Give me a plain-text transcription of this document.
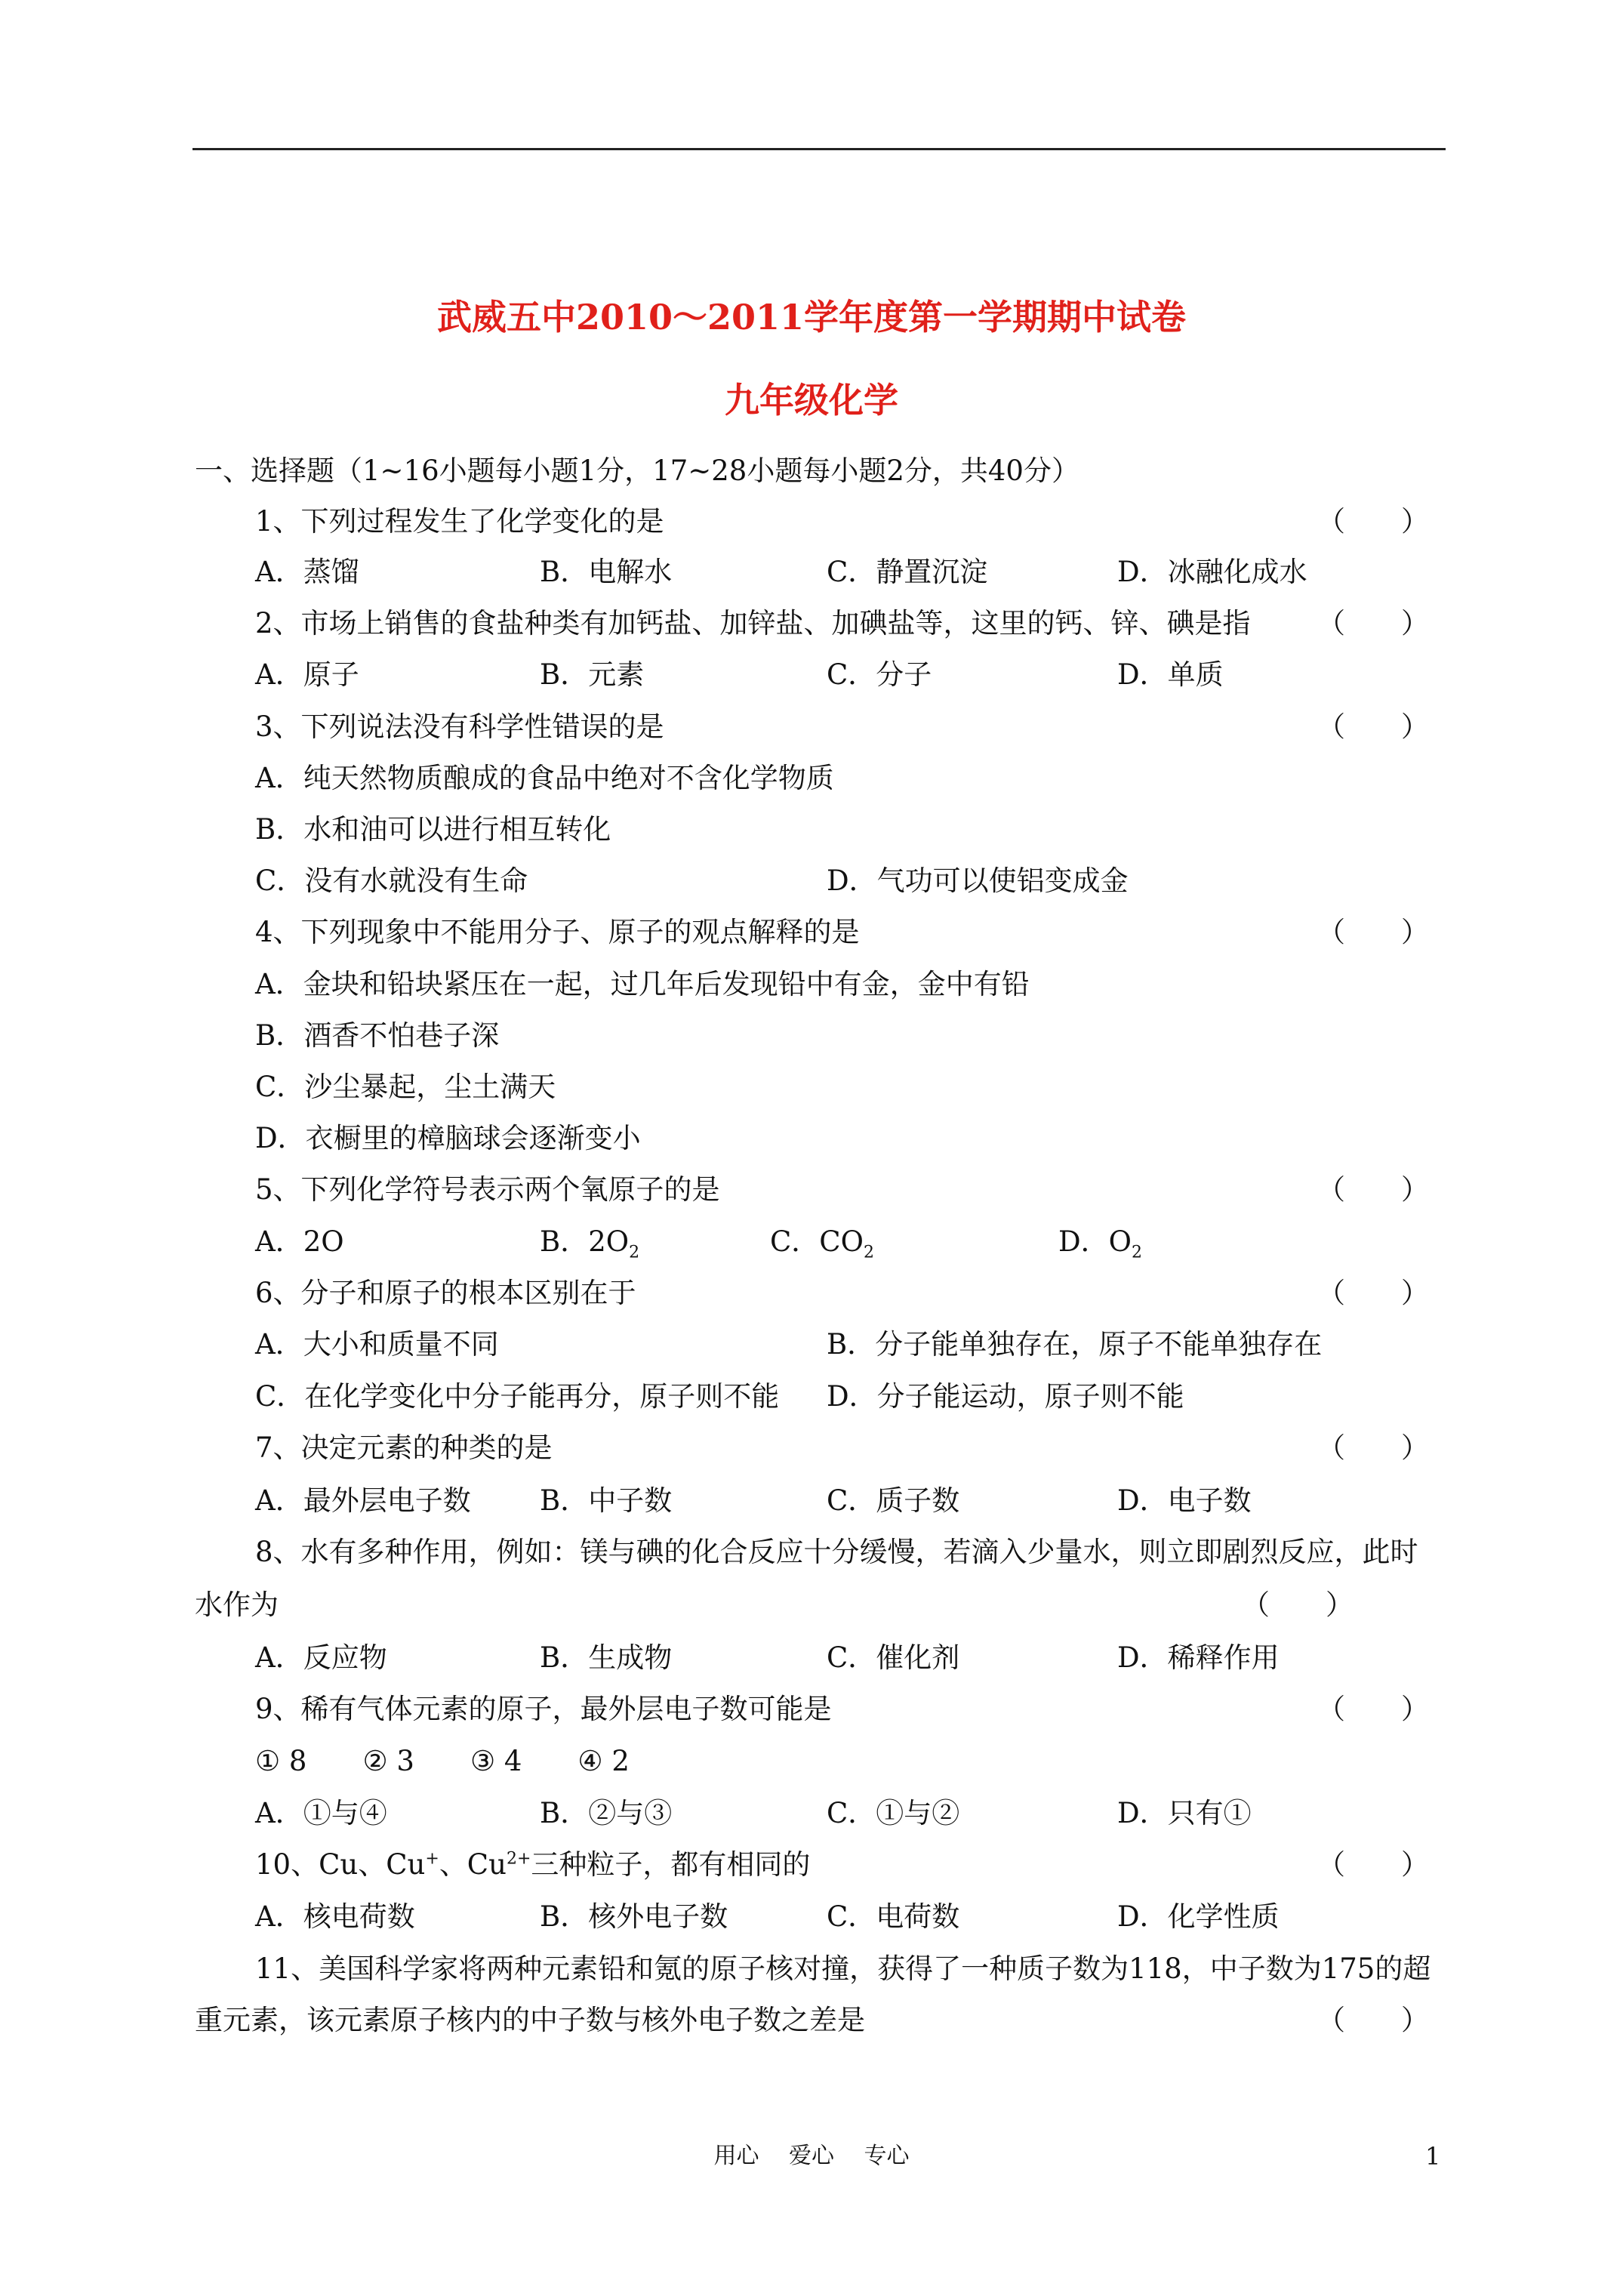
武威五中2010～2011学年度第一学期期中试卷
九年级化学
一、选择题（1~16小题每小题1分，17~28小题每小题2分，共40分）
1、下列过程发生了化学变化的是	（　　）
A．蒸馏	B．电解水	C．静置沉淀	D．冰融化成水
2、市场上销售的食盐种类有加钙盐、加锌盐、加碘盐等，这里的钙、锌、碘是指 （　　）
A．原子	B．元素	C．分子	D．单质
3、下列说法没有科学性错误的是	（　　）
A．纯天然物质酿成的食品中绝对不含化学物质
B．水和油可以进行相互转化
C．没有水就没有生命	D．气功可以使铝变成金
4、下列现象中不能用分子、原子的观点解释的是	（　　）
A．金块和铅块紧压在一起，过几年后发现铅中有金，金中有铅
B．酒香不怕巷子深
C．沙尘暴起，尘土满天
D．衣橱里的樟脑球会逐渐变小
5、下列化学符号表示两个氧原子的是	（　　）
A．2O	B．$2O_2$	C．$CO_2$	D．$O_2$
6、分子和原子的根本区别在于	（　　）
A．大小和质量不同	B．分子能单独存在，原子不能单独存在
C．在化学变化中分子能再分，原子则不能 D．分子能运动，原子则不能
7、决定元素的种类的是	（　　）
A．最外层电子数 B．中子数	C．质子数	D．电子数
8、水有多种作用，例如：镁与碘的化合反应十分缓慢，若滴入少量水，则立即剧烈反应，此时
水作为	（　　）
A．反应物	B．生成物	C．催化剂	D．稀释作用
9、稀有气体元素的原子，最外层电子数可能是	（　　）
① 8　　② 3　　③ 4　　④ 2
A．①与④	B．②与③	C．①与②	D．只有①
10、Cu、Cu+、$Cu^{2+}$三种粒子，都有相同的	（　　）
A．核电荷数	B．核外电子数	C．电荷数	D．化学性质
11、美国科学家将两种元素铅和氪的原子核对撞，获得了一种质子数为118，中子数为175的超
重元素，该元素原子核内的中子数与核外电子数之差是	（　　）
用心 爱心 专心	1
